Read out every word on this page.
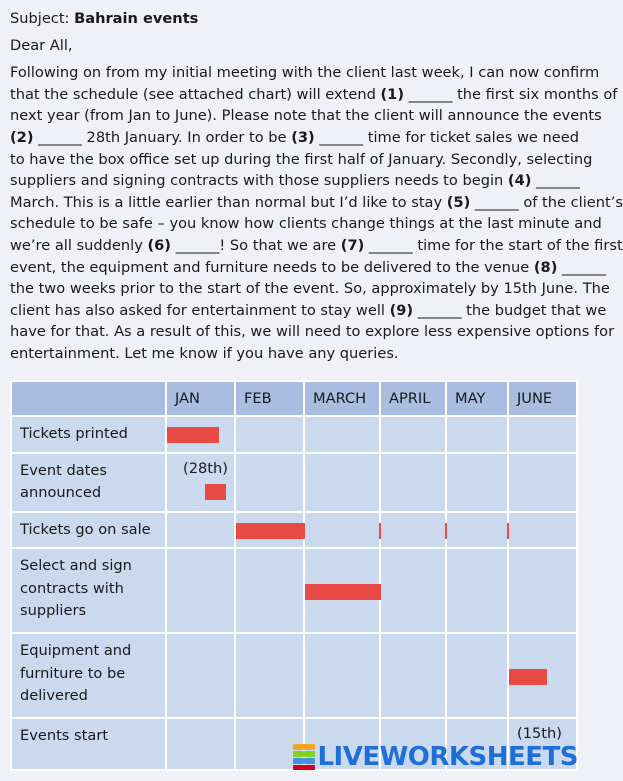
Subject: Bahrain events
Dear All,

Following on from my initial meeting with the client last week, I can now confirm

that the schedule (see attached chart) will extend (1) ______ the first six months of

next year (from Jan to June). Please note that the client will announce the events

(2) ______ 28th January. In order to be (3) ______ time for ticket sales we need

to have the box office set up during the first half of January. Secondly, selecting

suppliers and signing contracts with those suppliers needs to begin (4) ______

March. This is a little earlier than normal but I’d like to stay (5) ______ of the client’s

schedule to be safe – you know how clients change things at the last minute and

we’re all suddenly (6) ______! So that we are (7) ______ time for the start of the first

event, the equipment and furniture needs to be delivered to the venue (8) ______

the two weeks prior to the start of the event. So, approximately by 15th June. The

client has also asked for entertainment to stay well (9) ______ the budget that we

have for that. As a result of this, we will need to explore less expensive options for

entertainment. Let me know if you have any queries.

	JAN	FEB	MARCH	APRIL	MAY	JUNE
Tickets printed	

Event dates announced	(28th)					

Tickets go on sale		

Select and sign contracts with suppliers			

Equipment and furniture to be delivered						

Events start						(15th)
LIVEWORKSHEETS
